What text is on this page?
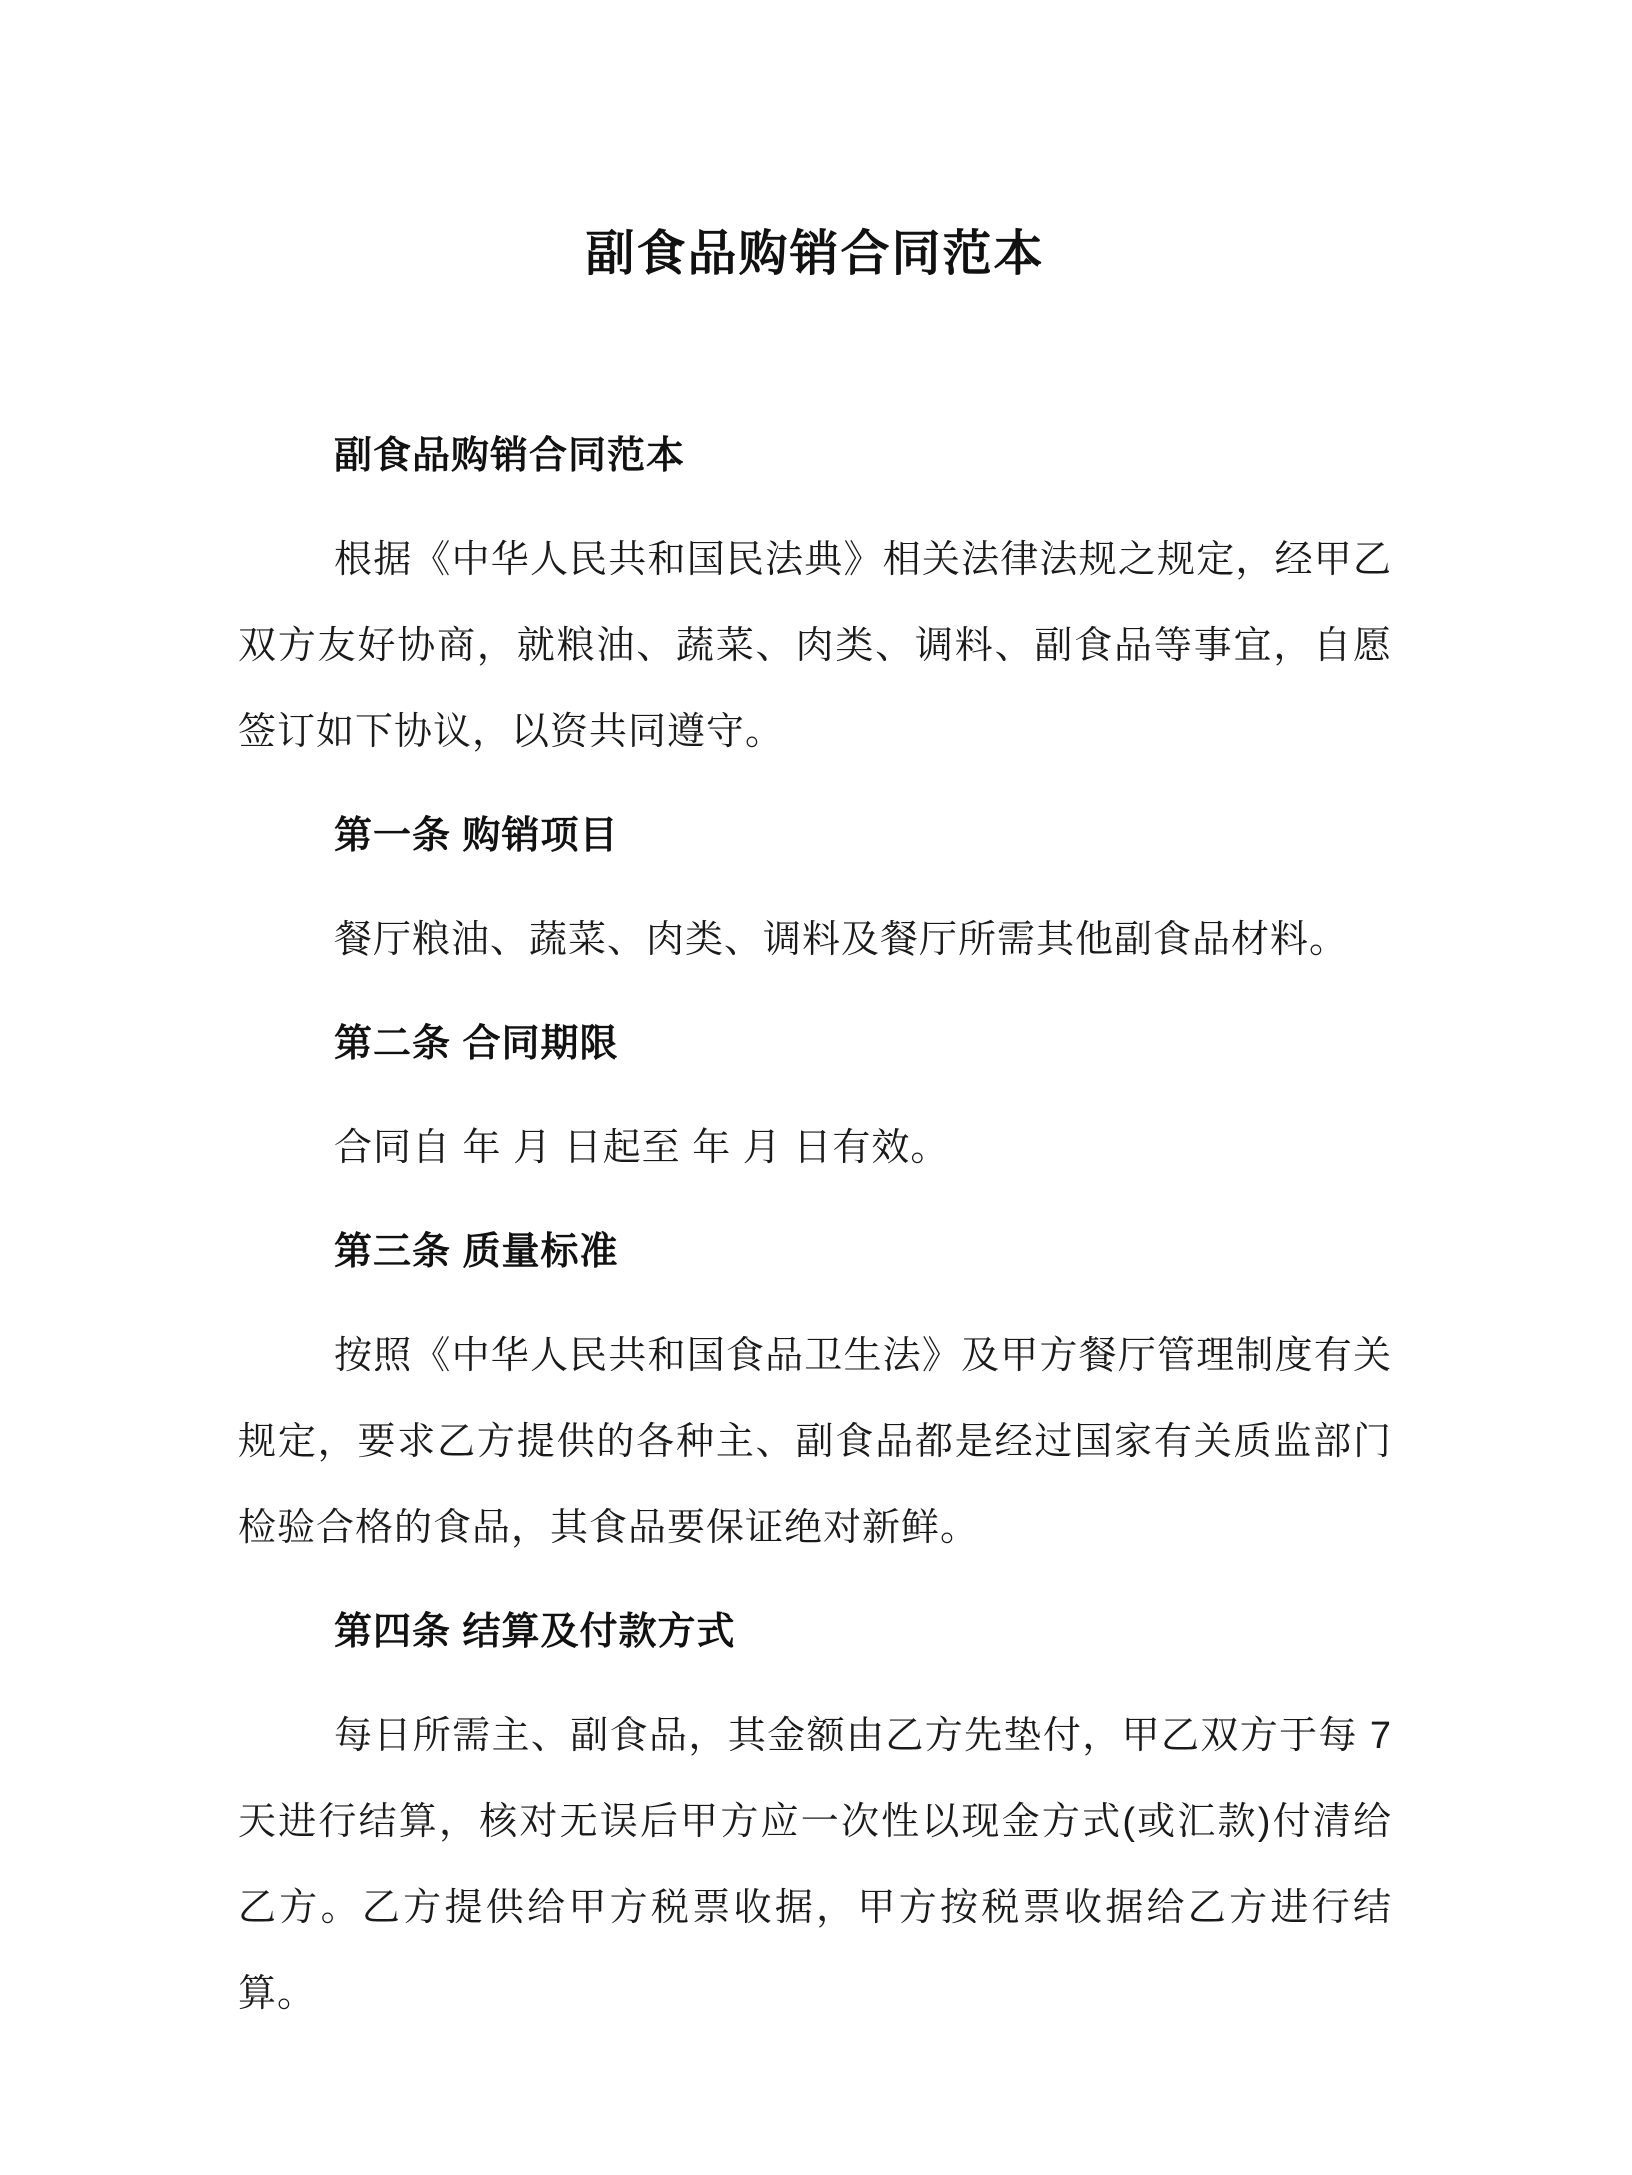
副食品购销合同范本

副食品购销合同范本

根据《中华人民共和国民法典》相关法律法规之规定，经甲乙双方友好协商，就粮油、蔬菜、肉类、调料、副食品等事宜，自愿签订如下协议，以资共同遵守。

第一条 购销项目

餐厅粮油、蔬菜、肉类、调料及餐厅所需其他副食品材料。

第二条 合同期限

合同自 年 月 日起至 年 月 日有效。

第三条 质量标准

按照《中华人民共和国食品卫生法》及甲方餐厅管理制度有关规定，要求乙方提供的各种主、副食品都是经过国家有关质监部门检验合格的食品，其食品要保证绝对新鲜。

第四条 结算及付款方式

每日所需主、副食品，其金额由乙方先垫付，甲乙双方于每 7 天进行结算，核对无误后甲方应一次性以现金方式(或汇款)付清给乙方。乙方提供给甲方税票收据，甲方按税票收据给乙方进行结算。
